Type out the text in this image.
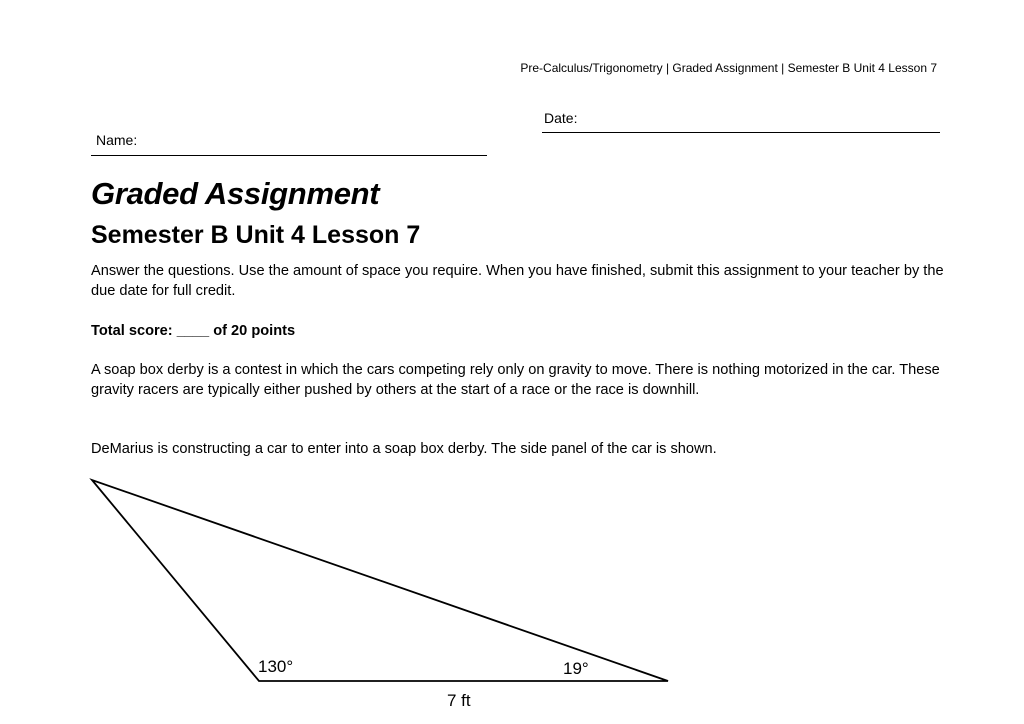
Pre-Calculus/Trigonometry | Graded Assignment | Semester B Unit 4 Lesson 7
Date:
Name:
Graded Assignment
Semester B Unit 4 Lesson 7

Answer the questions. Use the amount of space you require. When you have finished, submit this assignment to your teacher by the due date for full credit.

Total score: ____ of 20 points

A soap box derby is a contest in which the cars competing rely only on gravity to move. There is nothing motorized in the car. These gravity racers are typically either pushed by others at the start of a race or the race is downhill.

DeMarius is constructing a car to enter into a soap box derby. The side panel of the car is shown.

130°	19°
7 ft
